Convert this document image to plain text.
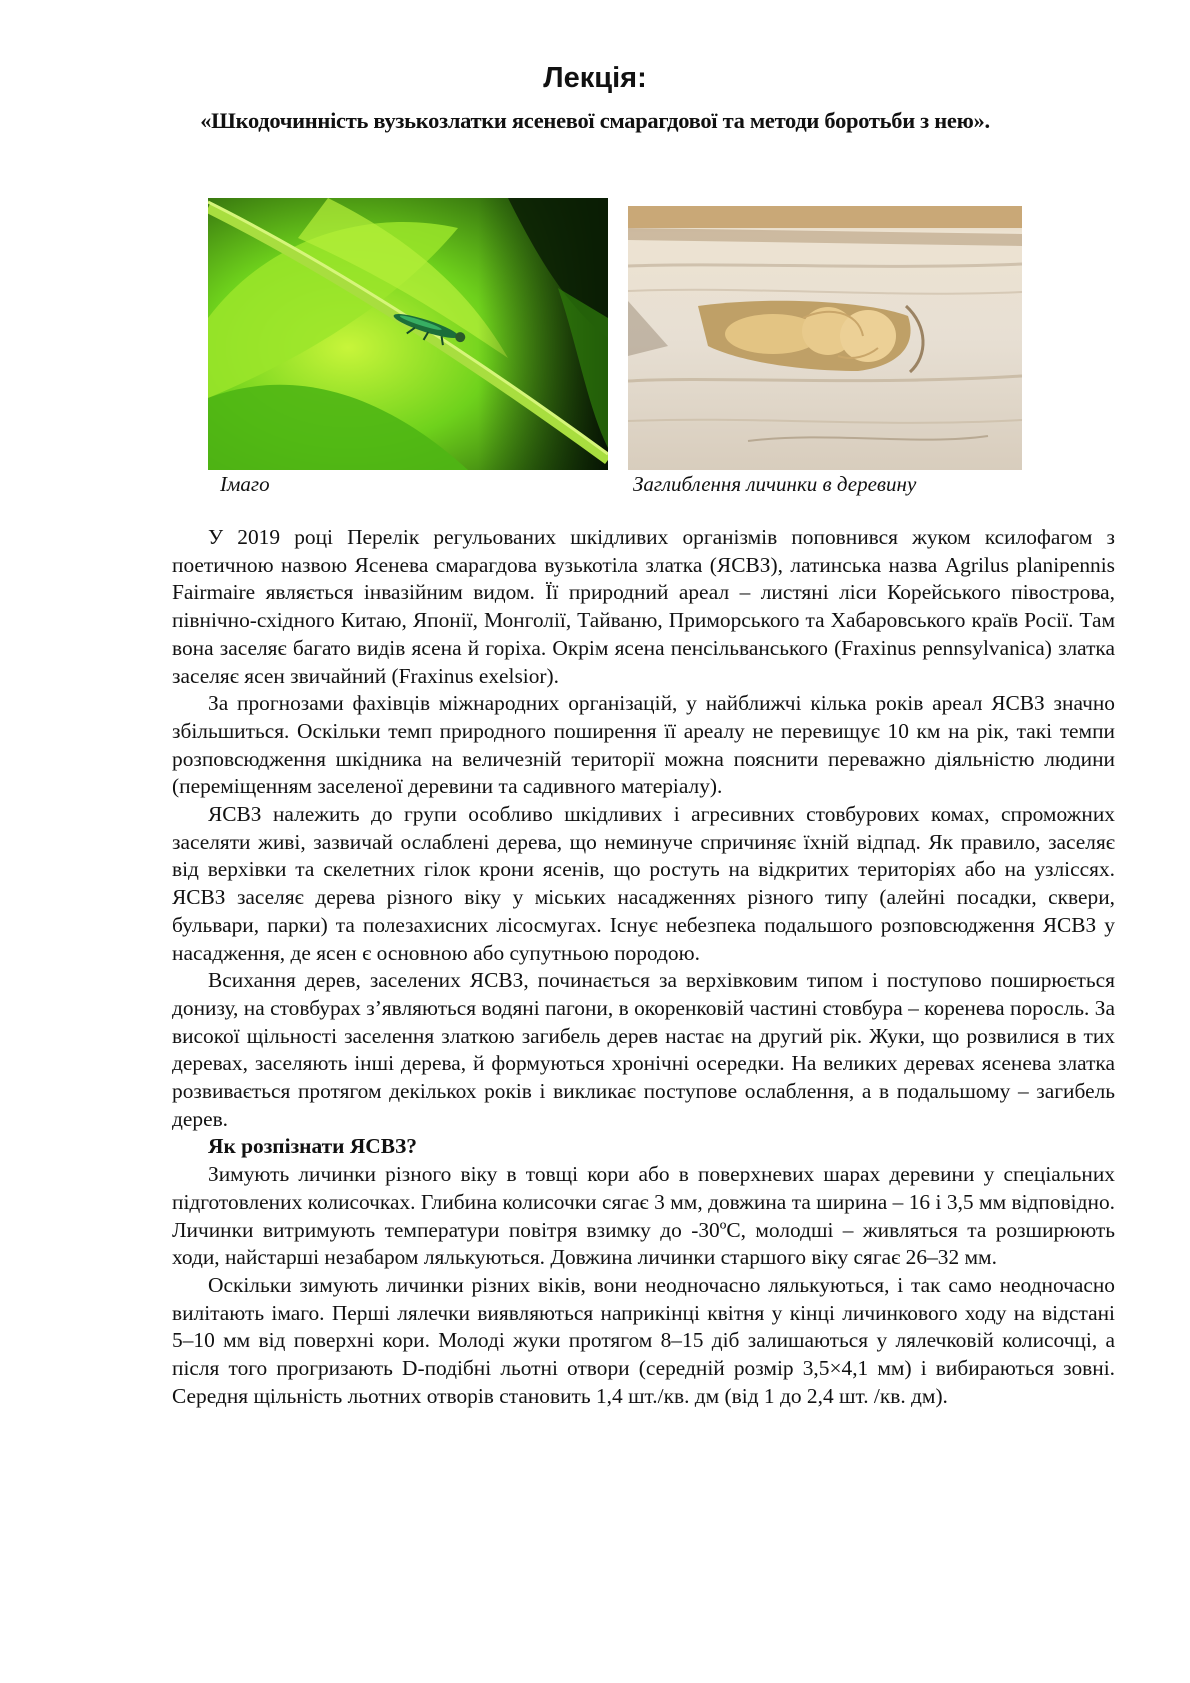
Лекція:
«Шкодочинність вузькозлатки ясеневої смарагдової та методи боротьби з нею».
Імаго	Заглиблення личинки в деревину

У 2019 році Перелік регульованих шкідливих організмів поповнився жуком ксилофагом з поетичною назвою Ясенева смарагдова вузькотіла златка (ЯСВЗ), латинська назва Agrilus planipennis Fairmaire являється інвазійним видом. Її природний ареал – листяні ліси Корейського півострова, північно-східного Китаю, Японії, Монголії, Тайваню, Приморського та Хабаровського країв Росії. Там вона заселяє багато видів ясена й горіха. Окрім ясена пенсільванського (Fraxinus pennsylvanica) златка заселяє ясен звичайний (Fraxinus exelsior).

За прогнозами фахівців міжнародних організацій, у найближчі кілька років ареал ЯСВЗ значно збільшиться. Оскільки темп природного поширення її ареалу не перевищує 10 км на рік, такі темпи розповсюдження шкідника на величезній території можна пояснити переважно діяльністю людини (переміщенням заселеної деревини та садивного матеріалу).

ЯСВЗ належить до групи особливо шкідливих і агресивних стовбурових комах, спроможних заселяти живі, зазвичай ослаблені дерева, що неминуче спричиняє їхній відпад. Як правило, заселяє від верхівки та скелетних гілок крони ясенів, що ростуть на відкритих територіях або на узліссях. ЯСВЗ заселяє дерева різного віку у міських насадженнях різного типу (алейні посадки, сквери, бульвари, парки) та полезахисних лісосмугах. Існує небезпека подальшого розповсюдження ЯСВЗ у насадження, де ясен є основною або супутньою породою.

Всихання дерев, заселених ЯСВЗ, починається за верхівковим типом і поступово поширюється донизу, на стовбурах з’являються водяні пагони, в окоренковій частині стовбура – коренева поросль. За високої щільності заселення златкою загибель дерев настає на другий рік. Жуки, що розвилися в тих деревах, заселяють інші дерева, й формуються хронічні осередки. На великих деревах ясенева златка розвивається протягом декількох років і викликає поступове ослаблення, а в подальшому – загибель дерев.

Як розпізнати ЯСВЗ?

Зимують личинки різного віку в товщі кори або в поверхневих шарах деревини у спеціальних підготовлених колисочках. Глибина колисочки сягає 3 мм, довжина та ширина – 16 і 3,5 мм відповідно. Личинки витримують температури повітря взимку до -30ºС, молодші – живляться та розширюють ходи, найстарші незабаром лялькуються. Довжина личинки старшого віку сягає 26–32 мм.

Оскільки зимують личинки різних віків, вони неодночасно лялькуються, і так само неодночасно вилітають імаго. Перші лялечки виявляються наприкінці квітня у кінці личинкового ходу на відстані 5–10 мм від поверхні кори. Молоді жуки протягом 8–15 діб залишаються у лялечковій колисочці, а після того прогризають D-подібні льотні отвори (середній розмір 3,5×4,1 мм) і вибираються зовні. Середня щільність льотних отворів становить 1,4 шт./кв. дм (від 1 до 2,4 шт. /кв. дм).
